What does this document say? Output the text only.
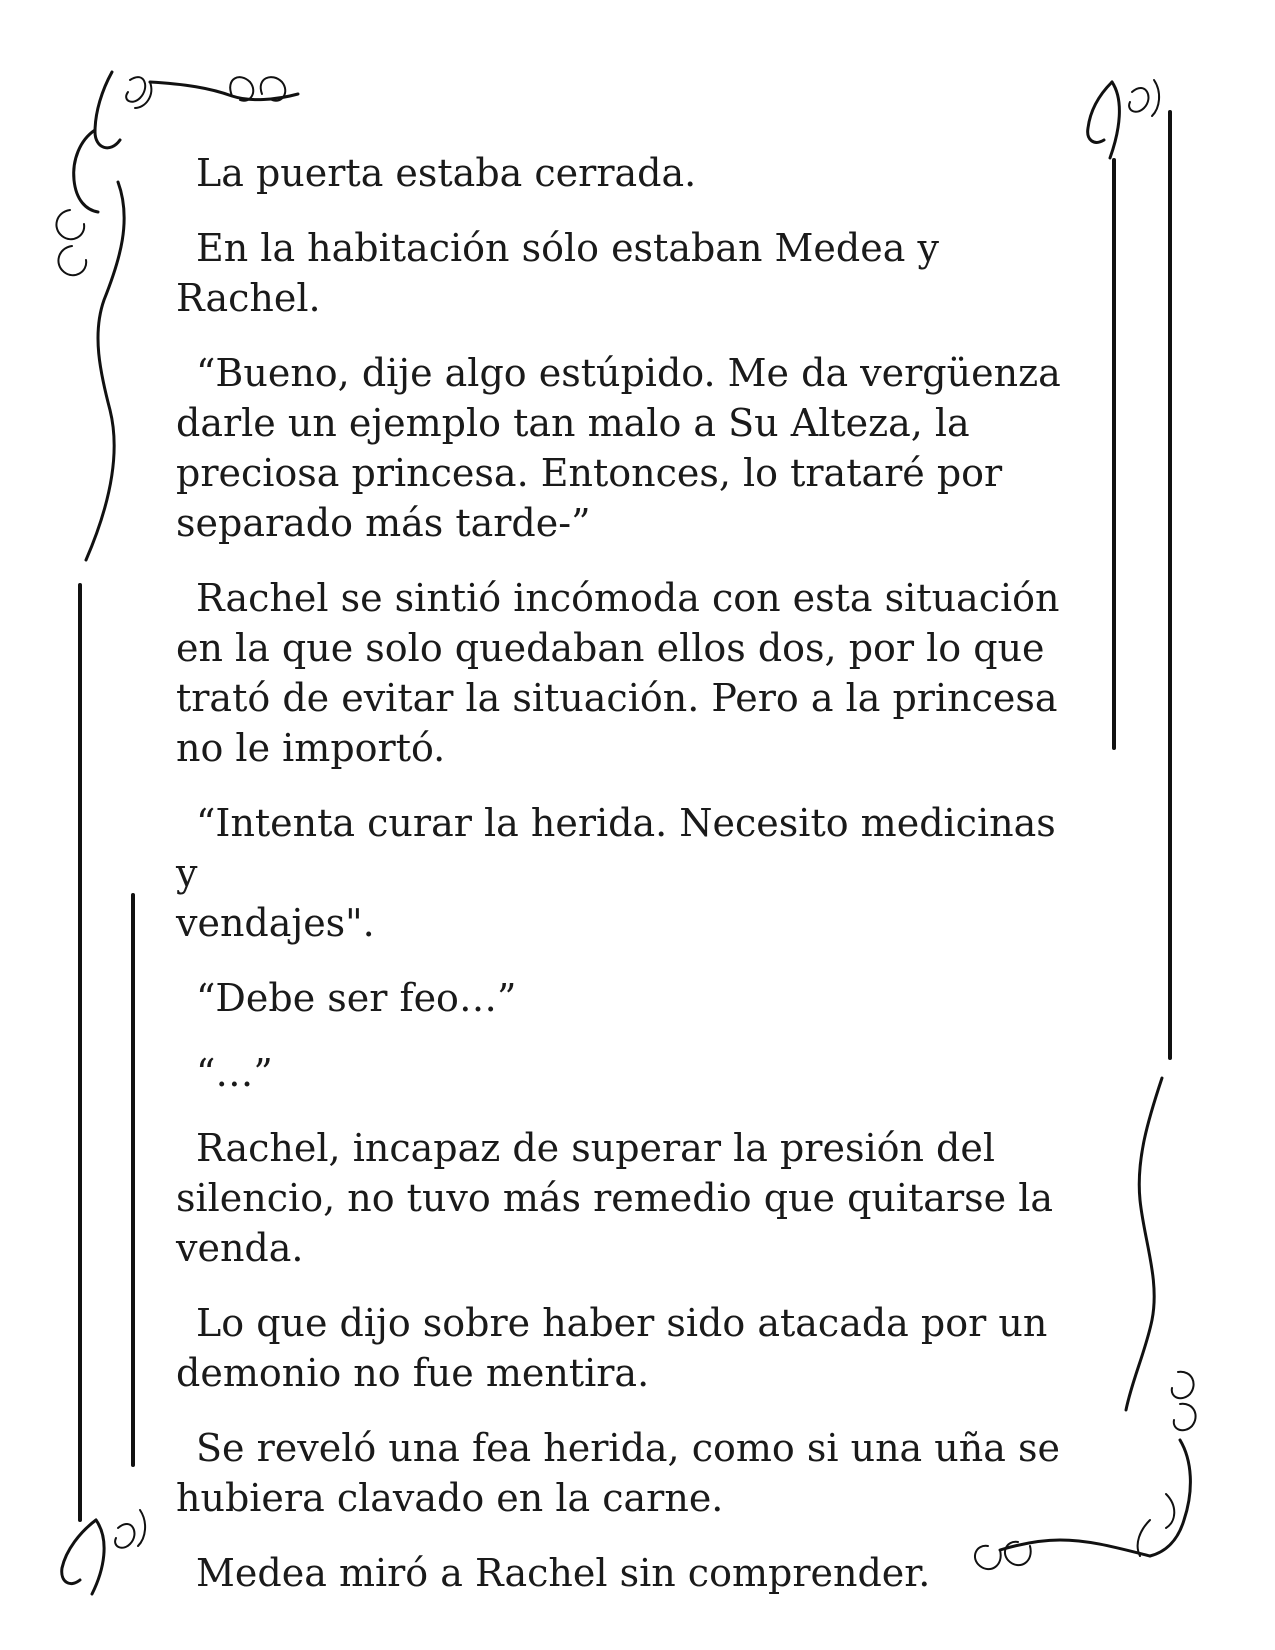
La puerta estaba cerrada.

En la habitación sólo estaban Medea y Rachel.

“Bueno, dije algo estúpido. Me da vergüenza
darle un ejemplo tan malo a Su Alteza, la
preciosa princesa. Entonces, lo trataré por
separado más tarde-”

Rachel se sintió incómoda con esta situación
en la que solo quedaban ellos dos, por lo que
trató de evitar la situación. Pero a la princesa
no le importó.

“Intenta curar la herida. Necesito medicinas y
vendajes".

“Debe ser feo…”

“…”

Rachel, incapaz de superar la presión del
silencio, no tuvo más remedio que quitarse la
venda.

Lo que dijo sobre haber sido atacada por un
demonio no fue mentira.

Se reveló una fea herida, como si una uña se
hubiera clavado en la carne.

Medea miró a Rachel sin comprender.
